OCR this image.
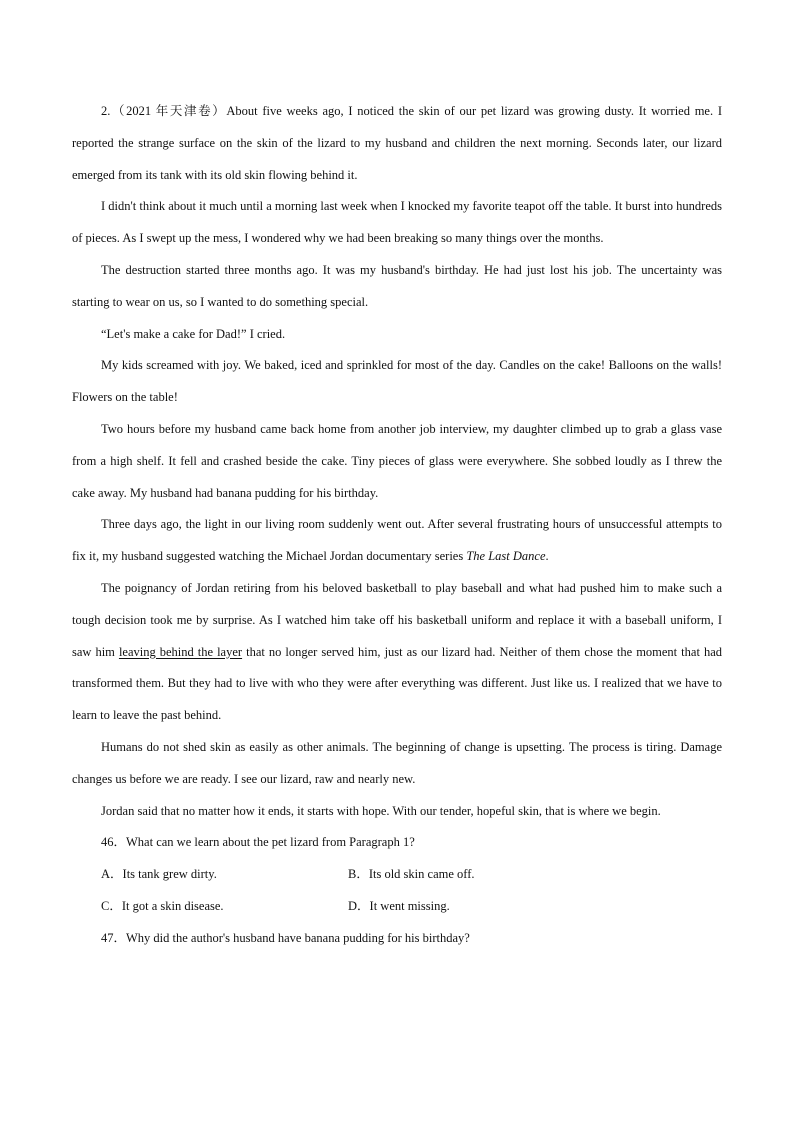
2.（2021 年天津卷）About five weeks ago, I noticed the skin of our pet lizard was growing dusty. It worried me. I reported the strange surface on the skin of the lizard to my husband and children the next morning. Seconds later, our lizard emerged from its tank with its old skin flowing behind it.

I didn't think about it much until a morning last week when I knocked my favorite teapot off the table. It burst into hundreds of pieces. As I swept up the mess, I wondered why we had been breaking so many things over the months.

The destruction started three months ago. It was my husband's birthday. He had just lost his job. The uncertainty was starting to wear on us, so I wanted to do something special.

“Let's make a cake for Dad!” I cried.

My kids screamed with joy. We baked, iced and sprinkled for most of the day. Candles on the cake! Balloons on the walls! Flowers on the table!

Two hours before my husband came back home from another job interview, my daughter climbed up to grab a glass vase from a high shelf. It fell and crashed beside the cake. Tiny pieces of glass were everywhere. She sobbed loudly as I threw the cake away. My husband had banana pudding for his birthday.

Three days ago, the light in our living room suddenly went out. After several frustrating hours of unsuccessful attempts to fix it, my husband suggested watching the Michael Jordan documentary series The Last Dance.

The poignancy of Jordan retiring from his beloved basketball to play baseball and what had pushed him to make such a tough decision took me by surprise. As I watched him take off his basketball uniform and replace it with a baseball uniform, I saw him leaving behind the layer that no longer served him, just as our lizard had. Neither of them chose the moment that had transformed them. But they had to live with who they were after everything was different. Just like us. I realized that we have to learn to leave the past behind.

Humans do not shed skin as easily as other animals. The beginning of change is upsetting. The process is tiring. Damage changes us before we are ready. I see our lizard, raw and nearly new.

Jordan said that no matter how it ends, it starts with hope. With our tender, hopeful skin, that is where we begin.

46．What can we learn about the pet lizard from Paragraph 1?

A．Its tank grew dirty.	B．Its old skin came off.
C．It got a skin disease.	D．It went missing.

47．Why did the author's husband have banana pudding for his birthday?
